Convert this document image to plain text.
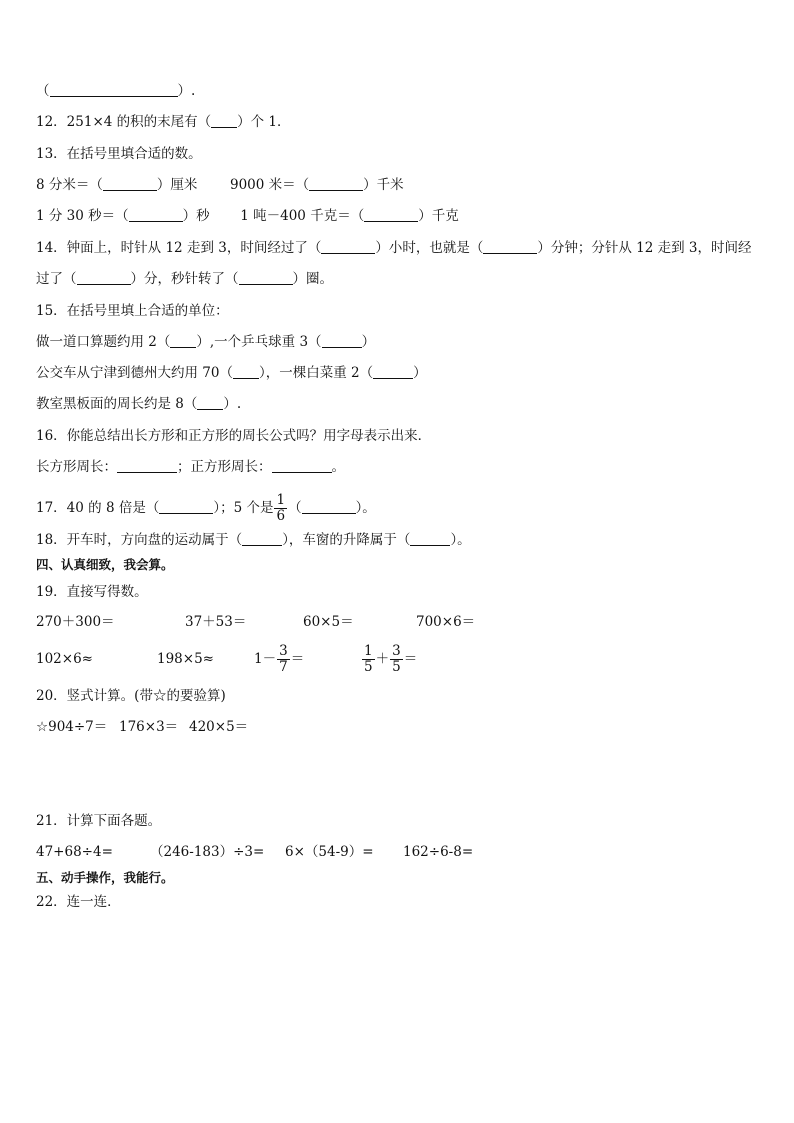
（	）.
12．251×4 的积的末尾有（ ）个 1．
13．在括号里填合适的数。
8 分米＝（	）厘米 9000 米＝（	）千米
1 分 30 秒＝（	）秒 1 吨－400 千克＝（	）千克
14．钟面上，时针从 12 走到 3，时间经过了（	）小时，也就是（	）分钟；分针从 12 走到 3，时间经
过了（	）分，秒针转了（	）圈。
15．在括号里填上合适的单位：
做一道口算题约用 2（ ）,一个乒乓球重 3（	）
公交车从宁津到德州大约用 70（ ），一棵白菜重 2（	）
教室黑板面的周长约是 8（ ）.
16．你能总结出长方形和正方形的周长公式吗？用字母表示出来．
长方形周长：	；正方形周长：	。
17．40 的 8 倍是（	）；5 个是 $\frac{1}{6}$ （	）。
18．开车时，方向盘的运动属于（	），车窗的升降属于（	）。
四、认真细致，我会算。
19．直接写得数。
270＋300＝	37＋53＝	60×5＝	700×6＝
102×6≈	198×5≈	$1- \frac{3}{7}$ ＝	$\frac{1}{5} + \frac{3}{5}$ ＝
20．竖式计算。(带☆的要验算)
☆904÷7＝ 176×3＝ 420×5＝
21．计算下面各题。
47+68÷4=	（246-183）÷3= 6×（54-9）= 162÷6-8=
五、动手操作，我能行。
22．连一连．
